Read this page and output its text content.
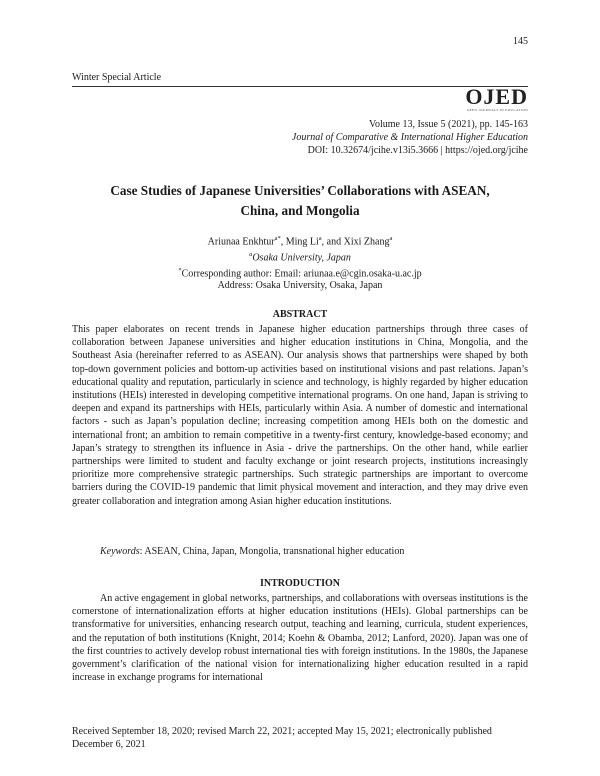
145
Winter Special Article
OJED
OPEN JOURNALS IN EDUCATION
Volume 13, Issue 5 (2021), pp. 145-163
Journal of Comparative & International Higher Education
DOI: 10.32674/jcihe.v13i5.3666 | https://ojed.org/jcihe
Case Studies of Japanese Universities’ Collaborations with ASEAN,
China, and Mongolia
Ariunaa Enkhtur$^{a*}$, Ming Li$^a$, and Xixi Zhang$^a$
$^a$Osaka University, Japan
*Corresponding author: Email: ariunaa.e@cgin.osaka-u.ac.jp
Address: Osaka University, Osaka, Japan
ABSTRACT

This paper elaborates on recent trends in Japanese higher education partnerships through three cases of collaboration between Japanese universities and higher education institutions in China, Mongolia, and the Southeast Asia (hereinafter referred to as ASEAN). Our analysis shows that partnerships were shaped by both top-down government policies and bottom-up activities based on institutional visions and past relations. Japan’s educational quality and reputation, particularly in science and technology, is highly regarded by higher education institutions (HEIs) interested in developing competitive international programs. On one hand, Japan is striving to deepen and expand its partnerships with HEIs, particularly within Asia. A number of domestic and international factors - such as Japan’s population decline; increasing competition among HEIs both on the domestic and international front; an ambition to remain competitive in a twenty-first century, knowledge-based economy; and Japan’s strategy to strengthen its influence in Asia - drive the partnerships. On the other hand, while earlier partnerships were limited to student and faculty exchange or joint research projects, institutions increasingly prioritize more comprehensive strategic partnerships. Such strategic partnerships are important to overcome barriers during the COVID-19 pandemic that limit physical movement and interaction, and they may drive even greater collaboration and integration among Asian higher education institutions.

Keywords: ASEAN, China, Japan, Mongolia, transnational higher education

INTRODUCTION

An active engagement in global networks, partnerships, and collaborations with overseas institutions is the cornerstone of internationalization efforts at higher education institutions (HEIs). Global partnerships can be transformative for universities, enhancing research output, teaching and learning, curricula, student experiences, and the reputation of both institutions (Knight, 2014; Koehn & Obamba, 2012; Lanford, 2020). Japan was one of the first countries to actively develop robust international ties with foreign institutions. In the 1980s, the Japanese government’s clarification of the national vision for internationalizing higher education resulted in a rapid increase in exchange programs for international

Received September 18, 2020; revised March 22, 2021; accepted May 15, 2021; electronically published December 6, 2021
